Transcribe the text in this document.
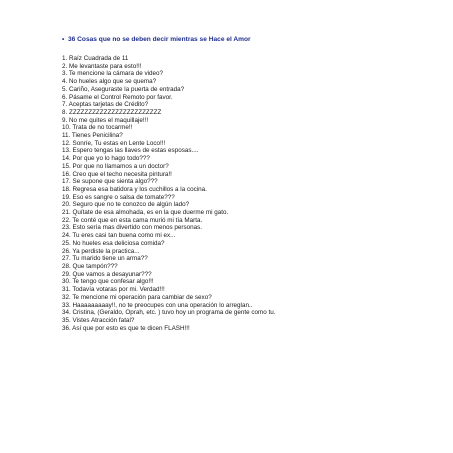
• 36 Cosas que no se deben decir mientras se Hace el Amor
1. Raíz Cuadrada de 11
2. Me levantaste para esto!!!
3. Te mencione la cámara de video?
4. No hueles algo que se quema?
5. Cariño, Aseguraste la puerta de entrada?
6. Pásame el Control Remoto por favor.
7. Aceptas tarjetas de Crédito?
8. ZZZZZZZZZZZZZZZZZZZZZZZZ
9. No me quites el maquillaje!!!
10. Trata de no tocarme!!
11. Tienes Penicilina?
12. Sonríe, Tu estas en Lente Loco!!!
13. Espero tengas las llaves de estas esposas....
14. Por que yo lo hago todo???
15. Por que no llamamos a un doctor?
16. Creo que el techo necesita pintura!!
17. Se supone que sienta algo???
18. Regresa esa batidora y los cuchillos a la cocina.
19. Eso es sangre o salsa de tomate???
20. Seguro que no te conozco de algún lado?
21. Quítate de esa almohada, es en la que duerme mi gato.
22. Te conté que en esta cama murió mi tía Marta.
23. Esto sería mas divertido con menos personas.
24. Tu eres casi tan buena como mi ex...
25. No hueles esa deliciosa comida?
26. Ya perdiste la practica...
27. Tu marido tiene un arma??
28. Que tampón???
29. Que vamos a desayunar???
30. Te tengo que confesar algo!!!
31. Todavía votaras por mi. Verdad!!!
32. Te mencione mi operación para cambiar de sexo?
33. Haaaaaaaaay!!, no te preocupes con una operación lo arreglan..
34. Cristina, (Geraldo, Oprah, etc. ) tuvo hoy un programa de gente como tu.
35. Vistes Atracción fatal?
36. Así que por esto es que te dicen FLASH!!!
